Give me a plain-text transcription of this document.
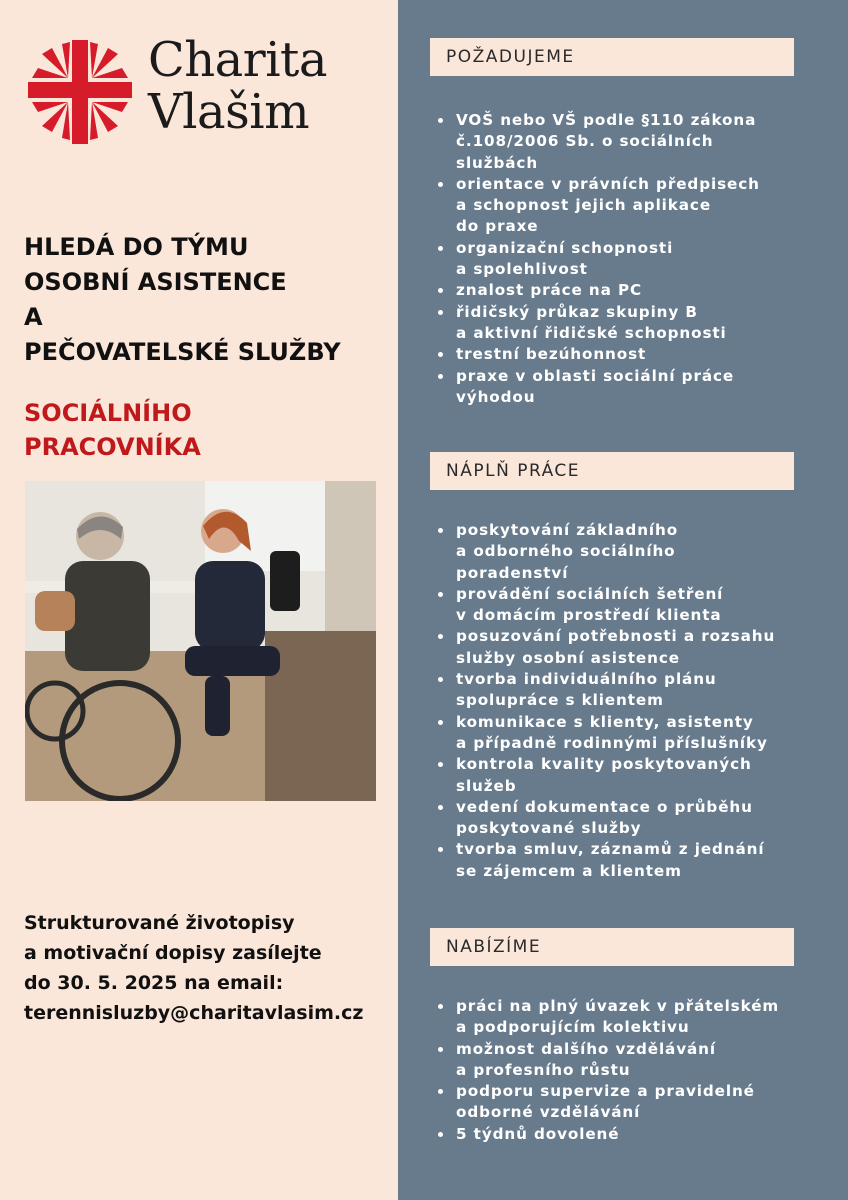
Charita
Vlašim
HLEDÁ DO TÝMU
OSOBNÍ ASISTENCE
A
PEČOVATELSKÉ SLUŽBY
SOCIÁLNÍHO
PRACOVNÍKA
Strukturované životopisy
a motivační dopisy zasílejte
do 30. 5. 2025 na email:
terennisluzby@charitavlasim.cz
POŽADUJEME
VOŠ nebo VŠ podle §110 zákona
č.108/2006 Sb. o sociálních
službách
orientace v právních předpisech
a schopnost jejich aplikace
do praxe
organizační schopnosti
a spolehlivost
znalost práce na PC
řidičský průkaz skupiny B
a aktivní řidičské schopnosti
trestní bezúhonnost
praxe v oblasti sociální práce
výhodou
NÁPLŇ PRÁCE
poskytování základního
a odborného sociálního
poradenství
provádění sociálních šetření
v domácím prostředí klienta
posuzování potřebnosti a rozsahu
služby osobní asistence
tvorba individuálního plánu
spolupráce s klientem
komunikace s klienty, asistenty
a případně rodinnými příslušníky
kontrola kvality poskytovaných
služeb
vedení dokumentace o průběhu
poskytované služby
tvorba smluv, záznamů z jednání
se zájemcem a klientem
NABÍZÍME
práci na plný úvazek v přátelském
a podporujícím kolektivu
možnost dalšího vzdělávání
a profesního růstu
podporu supervize a pravidelné
odborné vzdělávání
5 týdnů dovolené
